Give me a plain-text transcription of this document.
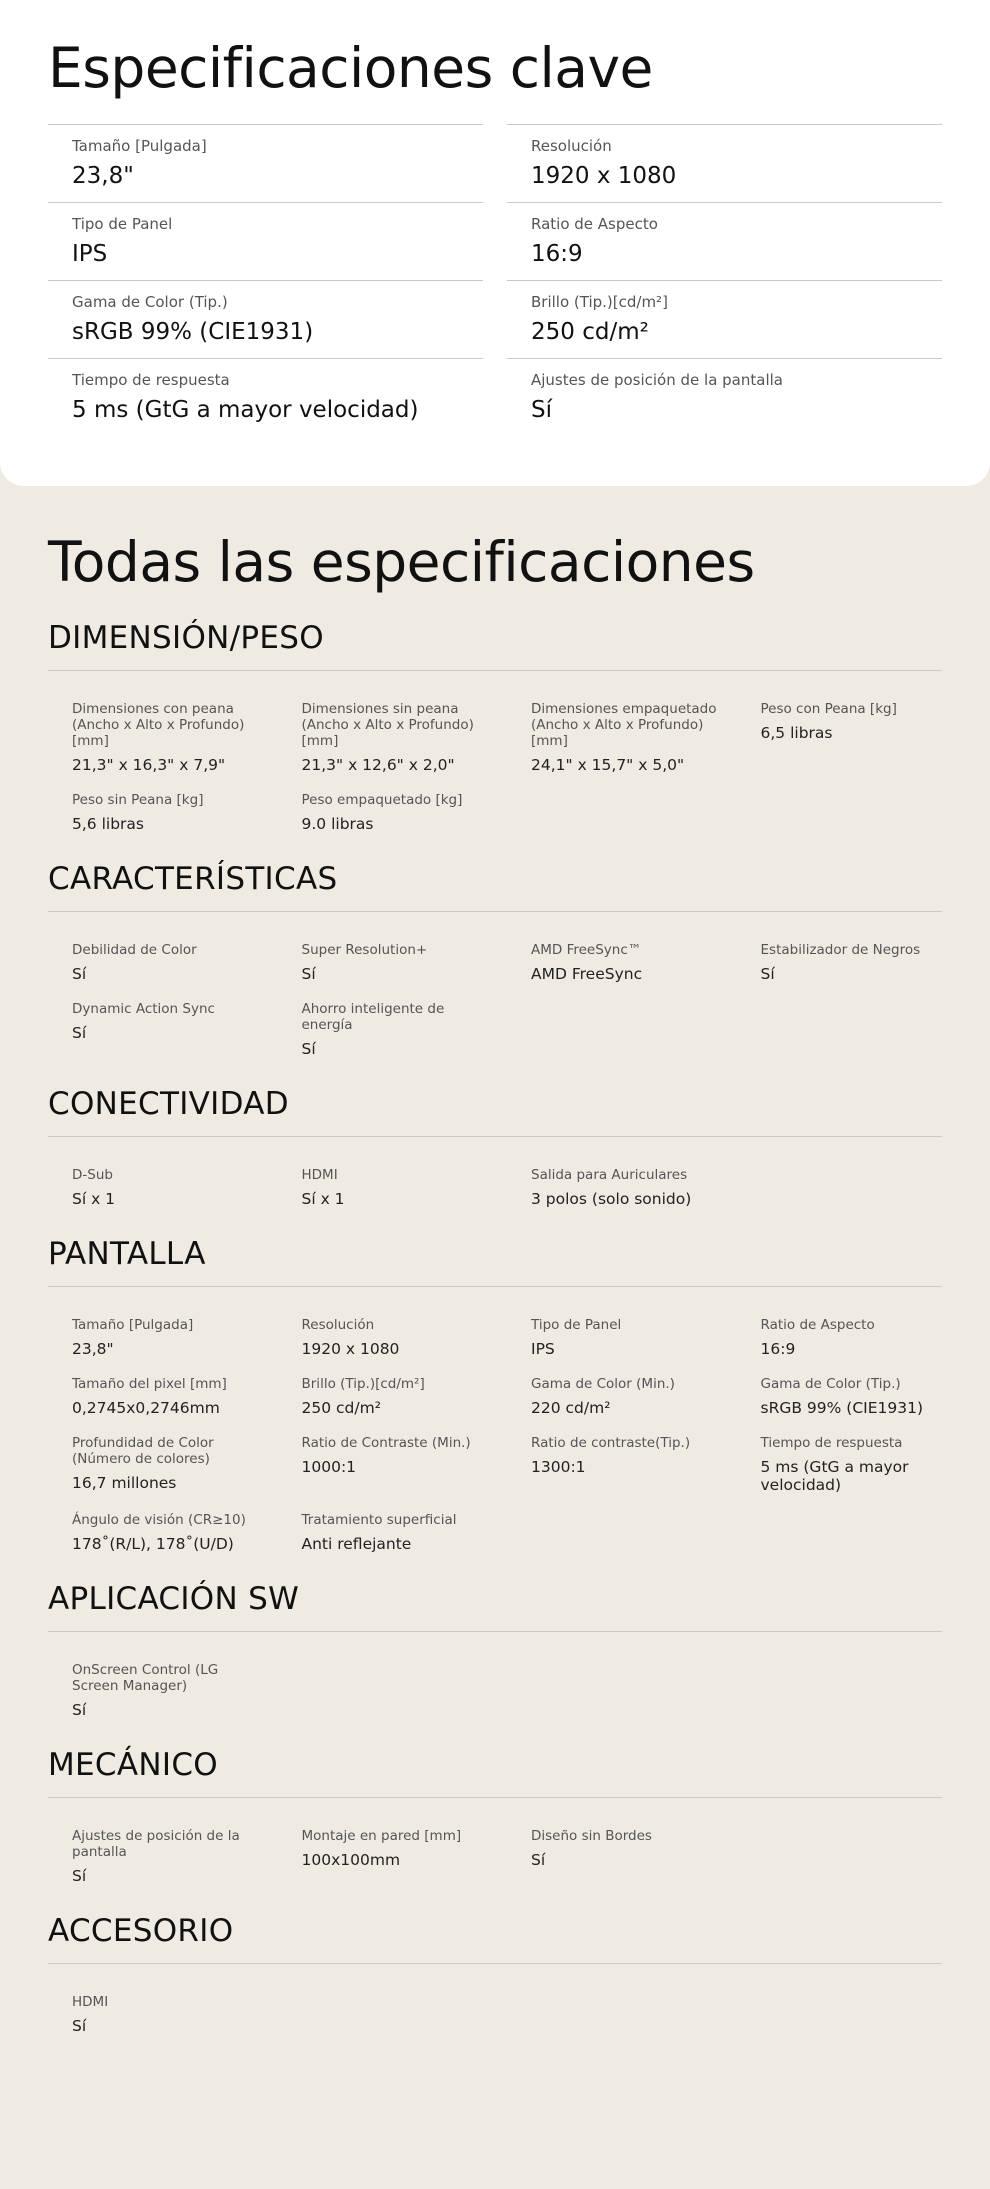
Especificaciones clave
Tamaño [Pulgada]
23,8"
Resolución
1920 x 1080
Tipo de Panel
IPS
Ratio de Aspecto
16:9
Gama de Color (Tip.)
sRGB 99% (CIE1931)
Brillo (Tip.)[cd/m²]
250 cd/m²
Tiempo de respuesta
5 ms (GtG a mayor velocidad)
Ajustes de posición de la pantalla
Sí
Todas las especificaciones
DIMENSIÓN/PESO
Dimensiones con peana (Ancho x Alto x Profundo) [mm]
21,3" x 16,3" x 7,9"
Dimensiones sin peana (Ancho x Alto x Profundo) [mm]
21,3" x 12,6" x 2,0"
Dimensiones empaquetado (Ancho x Alto x Profundo) [mm]
24,1" x 15,7" x 5,0"
Peso con Peana [kg]
6,5 libras
Peso sin Peana [kg]
5,6 libras
Peso empaquetado [kg]
9.0 libras
CARACTERÍSTICAS
Debilidad de Color
Sí
Super Resolution+
Sí
AMD FreeSync™
AMD FreeSync
Estabilizador de Negros
Sí
Dynamic Action Sync
Sí
Ahorro inteligente de energía
Sí
CONECTIVIDAD
D-Sub
Sí x 1
HDMI
Sí x 1
Salida para Auriculares
3 polos (solo sonido)
PANTALLA
Tamaño [Pulgada]
23,8"
Resolución
1920 x 1080
Tipo de Panel
IPS
Ratio de Aspecto
16:9
Tamaño del pixel [mm]
0,2745x0,2746mm
Brillo (Tip.)[cd/m²]
250 cd/m²
Gama de Color (Min.)
220 cd/m²
Gama de Color (Tip.)
sRGB 99% (CIE1931)
Profundidad de Color (Número de colores)
16,7 millones
Ratio de Contraste (Min.)
1000:1
Ratio de contraste(Tip.)
1300:1
Tiempo de respuesta
5 ms (GtG a mayor velocidad)
Ángulo de visión (CR≥10)
178˚(R/L), 178˚(U/D)
Tratamiento superficial
Anti reflejante
APLICACIÓN SW
OnScreen Control (LG Screen Manager)
Sí
MECÁNICO
Ajustes de posición de la pantalla
Sí
Montaje en pared [mm]
100x100mm
Diseño sin Bordes
Sí
ACCESORIO
HDMI
Sí
